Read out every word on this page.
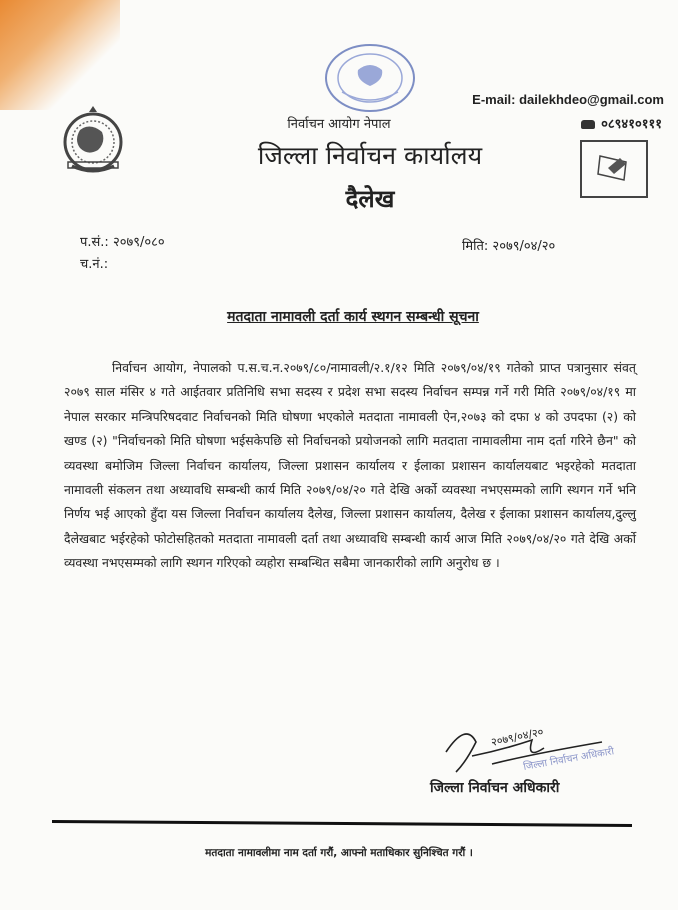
E-mail: dailekhdeo@gmail.com
०८९४१०१११
निर्वाचन आयोग नेपाल
जिल्ला निर्वाचन कार्यालय
दैलेख
प.सं.: २०७९/०८०
च.नं.:
मिति: २०७९/०४/२०
मतदाता नामावली दर्ता कार्य स्थगन सम्बन्धी सूचना

निर्वाचन आयोग, नेपालको प.स.च.न.२०७९/८०/नामावली/२.१/१२ मिति २०७९/०४/१९ गतेको प्राप्त पत्रानुसार संवत् २०७९ साल मंसिर ४ गते आईतवार प्रतिनिधि सभा सदस्य र प्रदेश सभा सदस्य निर्वाचन सम्पन्न गर्ने गरी मिति २०७९/०४/१९ मा नेपाल सरकार मन्त्रिपरिषदवाट निर्वाचनको मिति घोषणा भएकोले मतदाता नामावली ऐन,२०७३ को दफा ४ को उपदफा (२) को खण्ड (२) "निर्वाचनको मिति घोषणा भईसकेपछि सो निर्वाचनको प्रयोजनको लागि मतदाता नामावलीमा नाम दर्ता गरिने छैन" को व्यवस्था बमोजिम जिल्ला निर्वाचन कार्यालय, जिल्ला प्रशासन कार्यालय र ईलाका प्रशासन कार्यालयबाट भइरहेको मतदाता नामावली संकलन तथा अध्यावधि सम्बन्धी कार्य मिति २०७९/०४/२० गते देखि अर्को व्यवस्था नभएसम्मको लागि स्थगन गर्ने भनि निर्णय भई आएको हुँदा यस जिल्ला निर्वाचन कार्यालय दैलेख, जिल्ला प्रशासन कार्यालय, दैलेख र ईलाका प्रशासन कार्यालय,दुल्लु दैलेखबाट भईरहेको फोटोसहितको मतदाता नामावली दर्ता तथा अध्यावधि सम्बन्धी कार्य आज मिति २०७९/०४/२० गते देखि अर्को व्यवस्था नभएसम्मको लागि स्थगन गरिएको व्यहोरा सम्बन्धित सबैमा जानकारीको लागि अनुरोध छ ।

२०७९/०४/२०
जिल्ला निर्वाचन अधिकारी
जिल्ला निर्वाचन अधिकारी
मतदाता नामावलीमा नाम दर्ता गरौं, आफ्नो मताधिकार सुनिश्चित गरौं ।
